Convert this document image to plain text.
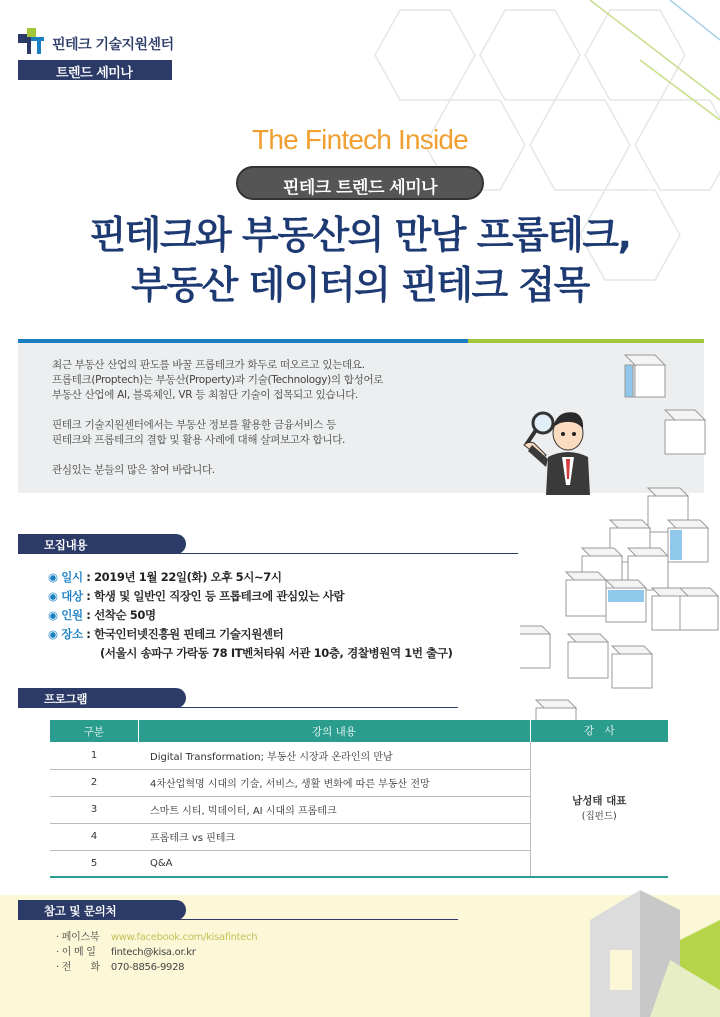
핀테크 기술지원센터
트렌드 세미나
The Fintech Inside
핀테크 트렌드 세미나
핀테크와 부동산의 만남 프롭테크,
부동산 데이터의 핀테크 접목

최근 부동산 산업의 판도를 바꿀 프롭테크가 화두로 떠오르고 있는데요.

프롭테크(Proptech)는 부동산(Property)과 기술(Technology)의 합성어로

부동산 산업에 AI, 블록체인, VR 등 최첨단 기술이 접목되고 있습니다.

핀테크 기술지원센터에서는 부동산 정보를 활용한 금융서비스 등

핀테크와 프롭테크의 결합 및 활용 사례에 대해 살펴보고자 합니다.

관심있는 분들의 많은 참여 바랍니다.

모집내용
◉ 일시 : 2019년 1월 22일(화) 오후 5시~7시
◉ 대상 : 학생 및 일반인 직장인 등 프롭테크에 관심있는 사람
◉ 인원 : 선착순 50명
◉ 장소 : 한국인터넷진흥원 핀테크 기술지원센터
(서울시 송파구 가락동 78 IT벤처타워 서관 10층, 경찰병원역 1번 출구)
프로그램
구분	강의 내용	강　사
1	Digital Transformation; 부동산 시장과 온라인의 만남	남성태 대표
(집펀드)

2	4차산업혁명 시대의 기술, 서비스, 생활 변화에 따른 부동산 전망	
3	스마트 시티, 빅데이터, AI 시대의 프롭테크	
4	프롭테크 vs 핀테크	
5	Q&A	
참고 및 문의처
· 페이스북 www.facebook.com/kisafintech
· 이 메 일 fintech@kisa.or.kr
· 전　　화 070-8856-9928
